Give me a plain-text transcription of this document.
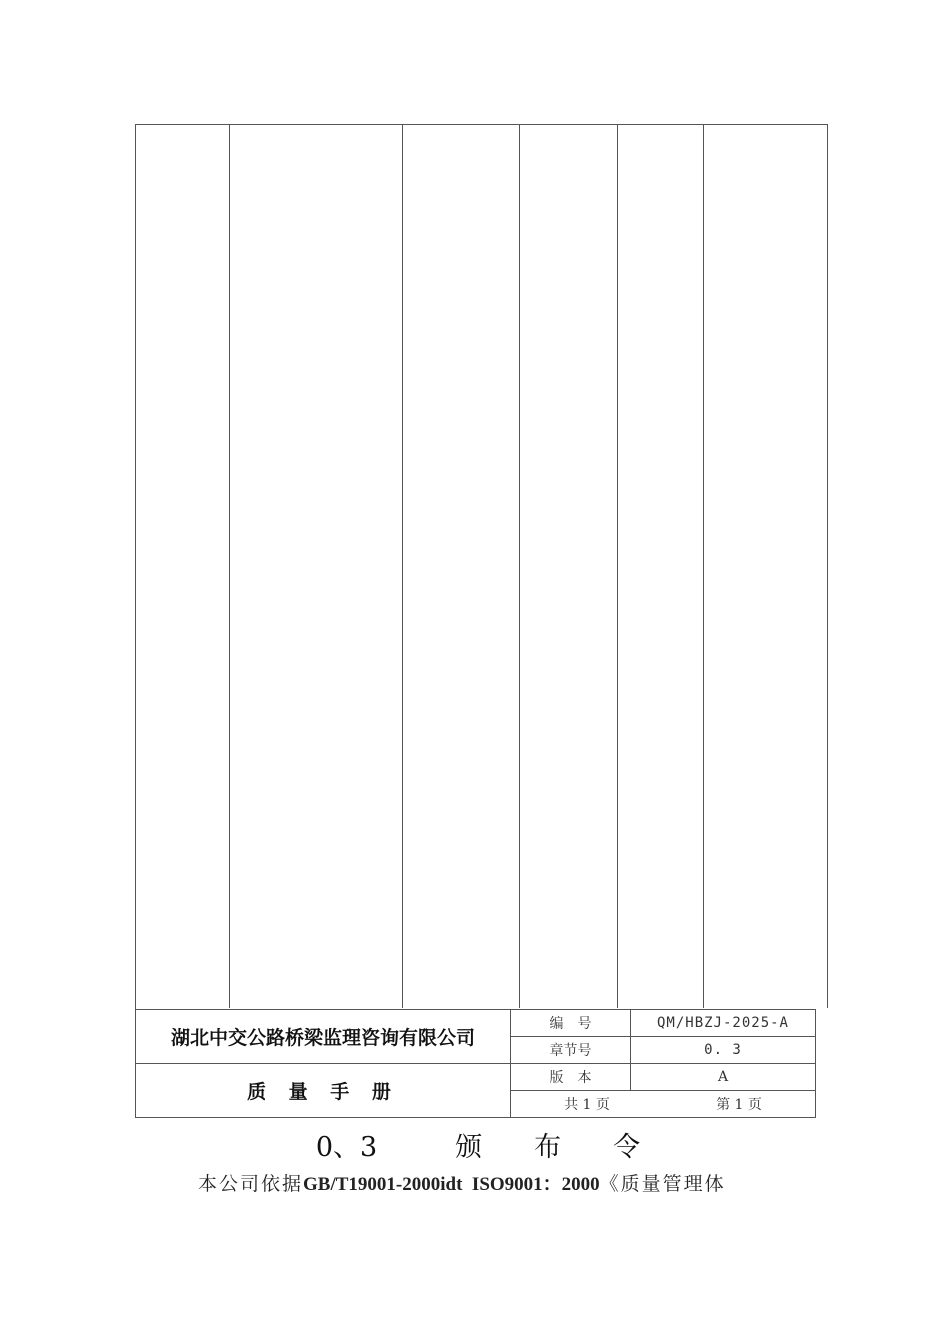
湖北中交公路桥梁监理咨询有限公司
质 量 手 册
编　号	QM/HBZJ-2025-A
章节号	0. 3
版　本	A
共 1 页	第 1 页
0、3	颁 布 令
本公司依据 GB/T19001-2000idt  ISO9001：2000 《质量管理体
